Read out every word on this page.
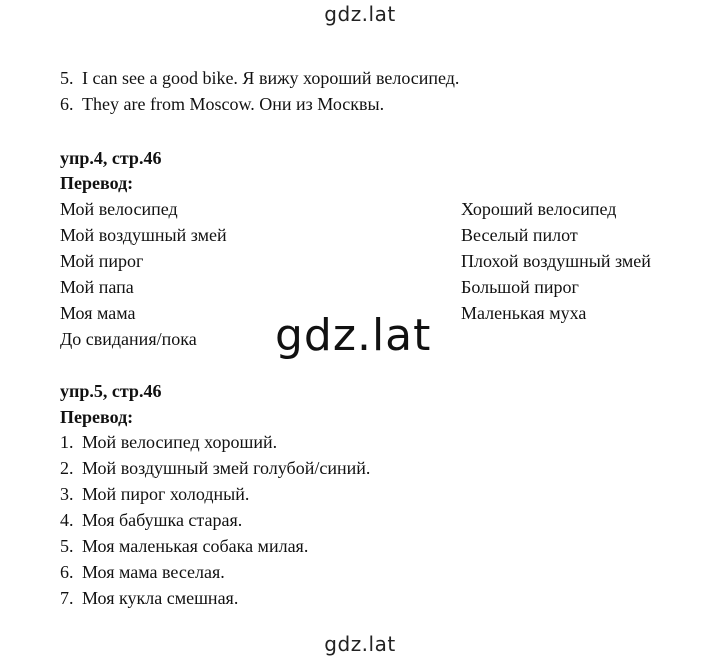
gdz.lat
5. I can see a good bike. Я вижу хороший велосипед.
6. They are from Moscow. Они из Москвы.
упр.4, стр.46
Перевод:
Мой велосипед
Мой воздушный змей
Мой пирог
Мой папа
Моя мама
До свидания/пока
Хороший велосипед
Веселый пилот
Плохой воздушный змей
Большой пирог
Маленькая муха
gdz.lat
упр.5, стр.46
Перевод:
1. Мой велосипед хороший.
2. Мой воздушный змей голубой/синий.
3. Мой пирог холодный.
4. Моя бабушка старая.
5. Моя маленькая собака милая.
6. Моя мама веселая.
7. Моя кукла смешная.
gdz.lat
